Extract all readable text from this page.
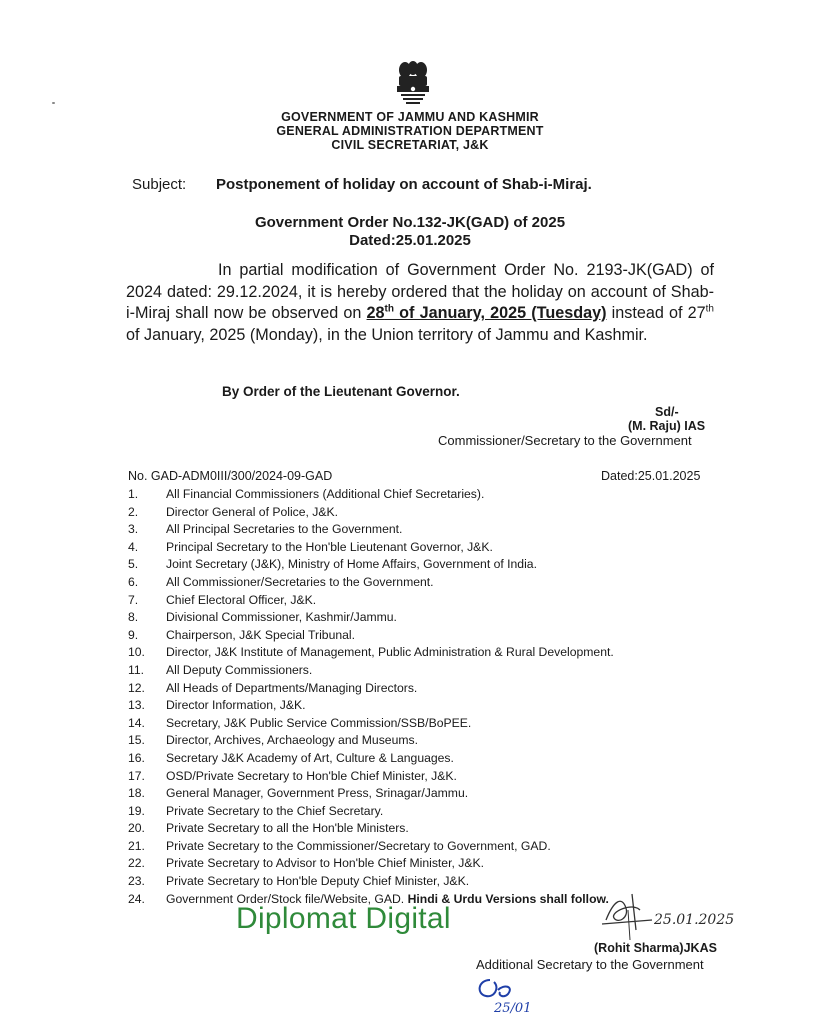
GOVERNMENT OF JAMMU AND KASHMIR
GENERAL ADMINISTRATION DEPARTMENT
CIVIL SECRETARIAT, J&K
Subject: Postponement of holiday on account of Shab-i-Miraj.
Government Order No.132-JK(GAD) of 2025
Dated:25.01.2025
In partial modification of Government Order No. 2193-JK(GAD) of 2024 dated: 29.12.2024, it is hereby ordered that the holiday on account of Shab-i-Miraj shall now be observed on 28th of January, 2025 (Tuesday) instead of 27th of January, 2025 (Monday), in the Union territory of Jammu and Kashmir.
By Order of the Lieutenant Governor.
Sd/-
(M. Raju) IAS
Commissioner/Secretary to the Government
No. GAD-ADM0III/300/2024-09-GAD	Dated:25.01.2025
1. All Financial Commissioners (Additional Chief Secretaries).
2. Director General of Police, J&K.
3. All Principal Secretaries to the Government.
4. Principal Secretary to the Hon'ble Lieutenant Governor, J&K.
5. Joint Secretary (J&K), Ministry of Home Affairs, Government of India.
6. All Commissioner/Secretaries to the Government.
7. Chief Electoral Officer, J&K.
8. Divisional Commissioner, Kashmir/Jammu.
9. Chairperson, J&K Special Tribunal.
10. Director, J&K Institute of Management, Public Administration & Rural Development.
11. All Deputy Commissioners.
12. All Heads of Departments/Managing Directors.
13. Director Information, J&K.
14. Secretary, J&K Public Service Commission/SSB/BoPEE.
15. Director, Archives, Archaeology and Museums.
16. Secretary J&K Academy of Art, Culture & Languages.
17. OSD/Private Secretary to Hon'ble Chief Minister, J&K.
18. General Manager, Government Press, Srinagar/Jammu.
19. Private Secretary to the Chief Secretary.
20. Private Secretary to all the Hon'ble Ministers.
21. Private Secretary to the Commissioner/Secretary to Government, GAD.
22. Private Secretary to Advisor to Hon'ble Chief Minister, J&K.
23. Private Secretary to Hon'ble Deputy Chief Minister, J&K.
24. Government Order/Stock file/Website, GAD. Hindi & Urdu Versions shall follow.
Diplomat Digital	25.01.2025
(Rohit Sharma)JKAS
Additional Secretary to the Government
25/01
